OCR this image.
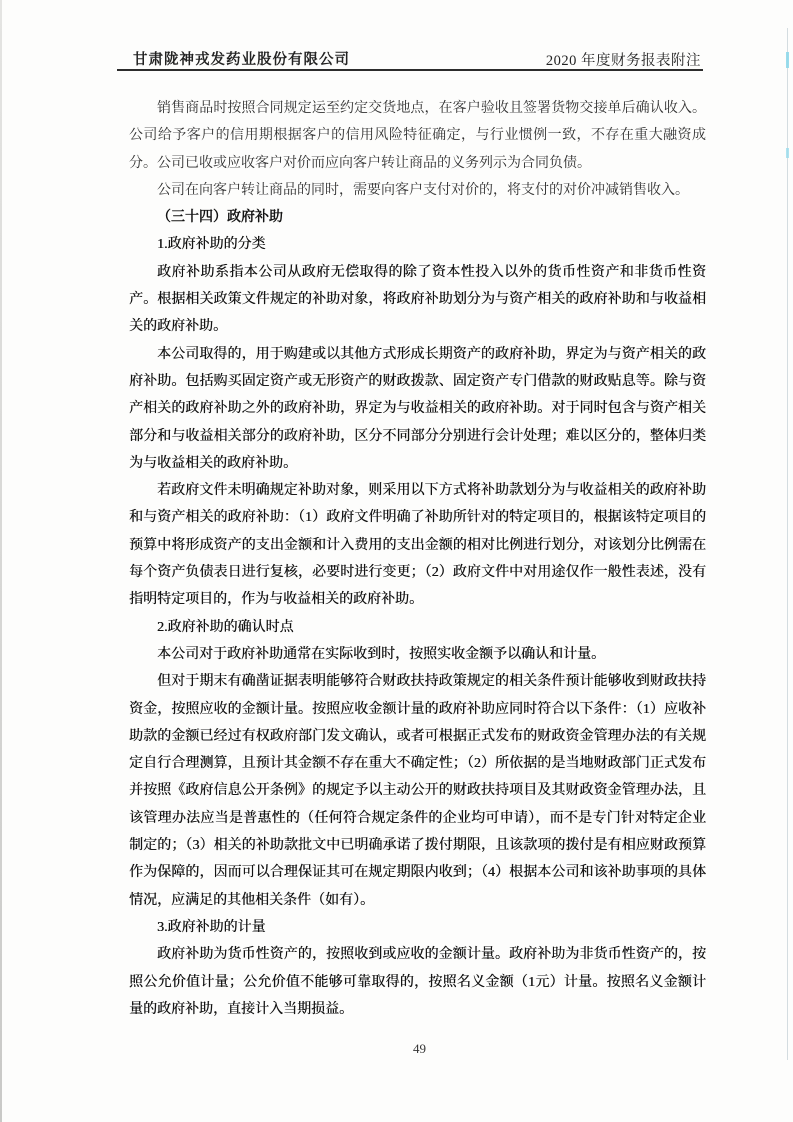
甘肃陇神戎发药业股份有限公司	2020 年度财务报表附注

销售商品时按照合同规定运至约定交货地点，在客户验收且签署货物交接单后确认收入。公司给予客户的信用期根据客户的信用风险特征确定，与行业惯例一致，不存在重大融资成分。公司已收或应收客户对价而应向客户转让商品的义务列示为合同负债。

公司在向客户转让商品的同时，需要向客户支付对价的，将支付的对价冲减销售收入。

（三十四）政府补助

1.政府补助的分类

政府补助系指本公司从政府无偿取得的除了资本性投入以外的货币性资产和非货币性资产。根据相关政策文件规定的补助对象，将政府补助划分为与资产相关的政府补助和与收益相关的政府补助。

本公司取得的，用于购建或以其他方式形成长期资产的政府补助，界定为与资产相关的政府补助。包括购买固定资产或无形资产的财政拨款、固定资产专门借款的财政贴息等。除与资产相关的政府补助之外的政府补助，界定为与收益相关的政府补助。对于同时包含与资产相关部分和与收益相关部分的政府补助，区分不同部分分别进行会计处理；难以区分的，整体归类为与收益相关的政府补助。

若政府文件未明确规定补助对象，则采用以下方式将补助款划分为与收益相关的政府补助和与资产相关的政府补助：（1）政府文件明确了补助所针对的特定项目的，根据该特定项目的预算中将形成资产的支出金额和计入费用的支出金额的相对比例进行划分，对该划分比例需在每个资产负债表日进行复核，必要时进行变更；（2）政府文件中对用途仅作一般性表述，没有指明特定项目的，作为与收益相关的政府补助。

2.政府补助的确认时点

本公司对于政府补助通常在实际收到时，按照实收金额予以确认和计量。

但对于期末有确凿证据表明能够符合财政扶持政策规定的相关条件预计能够收到财政扶持资金，按照应收的金额计量。按照应收金额计量的政府补助应同时符合以下条件：（1）应收补助款的金额已经过有权政府部门发文确认，或者可根据正式发布的财政资金管理办法的有关规定自行合理测算，且预计其金额不存在重大不确定性；（2）所依据的是当地财政部门正式发布并按照《政府信息公开条例》的规定予以主动公开的财政扶持项目及其财政资金管理办法，且该管理办法应当是普惠性的（任何符合规定条件的企业均可申请），而不是专门针对特定企业制定的；（3）相关的补助款批文中已明确承诺了拨付期限，且该款项的拨付是有相应财政预算作为保障的，因而可以合理保证其可在规定期限内收到；（4）根据本公司和该补助事项的具体情况，应满足的其他相关条件（如有）。

3.政府补助的计量

政府补助为货币性资产的，按照收到或应收的金额计量。政府补助为非货币性资产的，按照公允价值计量；公允价值不能够可靠取得的，按照名义金额（1元）计量。按照名义金额计量的政府补助，直接计入当期损益。

49
